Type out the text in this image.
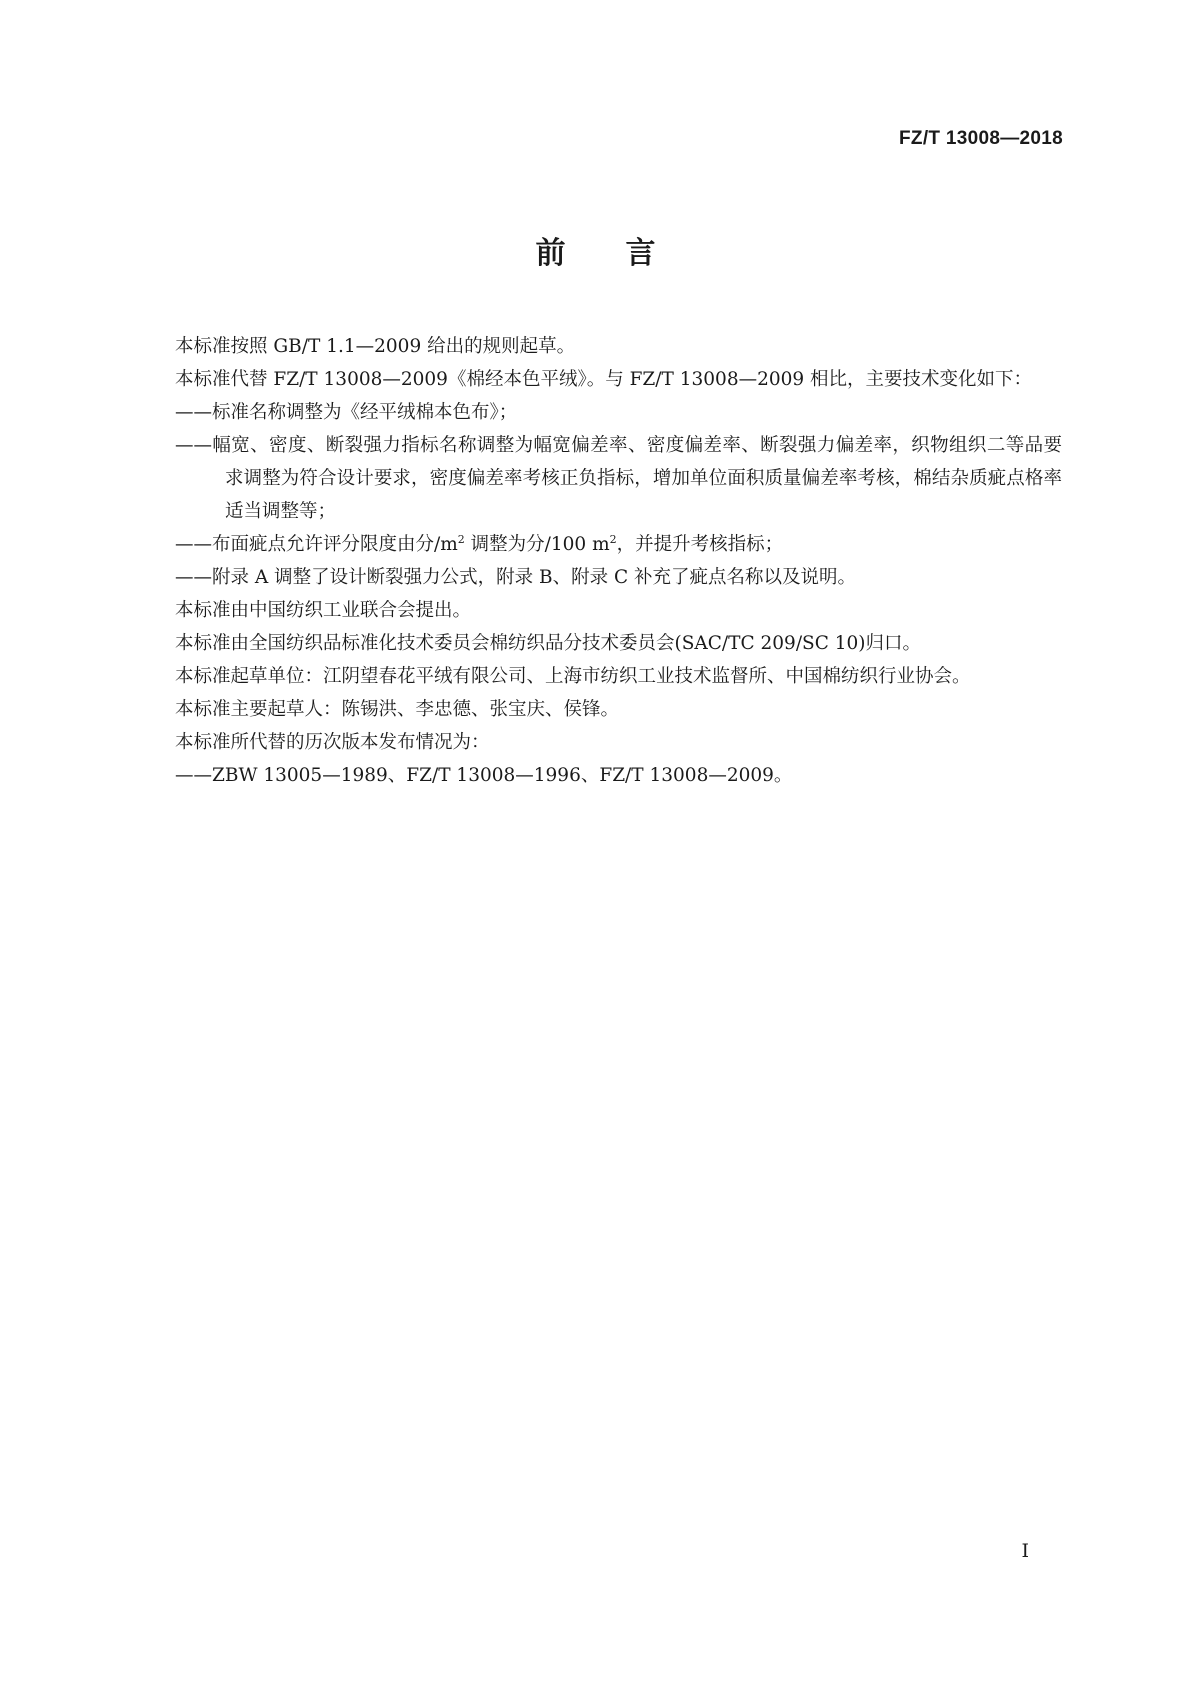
FZ/T 13008—2018
前　　言

本标准按照 GB/T 1.1—2009 给出的规则起草。

本标准代替 FZ/T 13008—2009《棉经本色平绒》。与 FZ/T 13008—2009 相比，主要技术变化如下：

——标准名称调整为《经平绒棉本色布》；

——幅宽、密度、断裂强力指标名称调整为幅宽偏差率、密度偏差率、断裂强力偏差率，织物组织二等品要求调整为符合设计要求，密度偏差率考核正负指标，增加单位面积质量偏差率考核，棉结杂质疵点格率适当调整等；

——布面疵点允许评分限度由分$/m^2$ 调整为分/100 $m^2$，并提升考核指标；

——附录 A 调整了设计断裂强力公式，附录 B、附录 C 补充了疵点名称以及说明。

本标准由中国纺织工业联合会提出。

本标准由全国纺织品标准化技术委员会棉纺织品分技术委员会(SAC/TC 209/SC 10)归口。

本标准起草单位：江阴望春花平绒有限公司、上海市纺织工业技术监督所、中国棉纺织行业协会。

本标准主要起草人：陈锡洪、李忠德、张宝庆、侯锋。

本标准所代替的历次版本发布情况为：

——ZBW 13005—1989、FZ/T 13008—1996、FZ/T 13008—2009。

I
